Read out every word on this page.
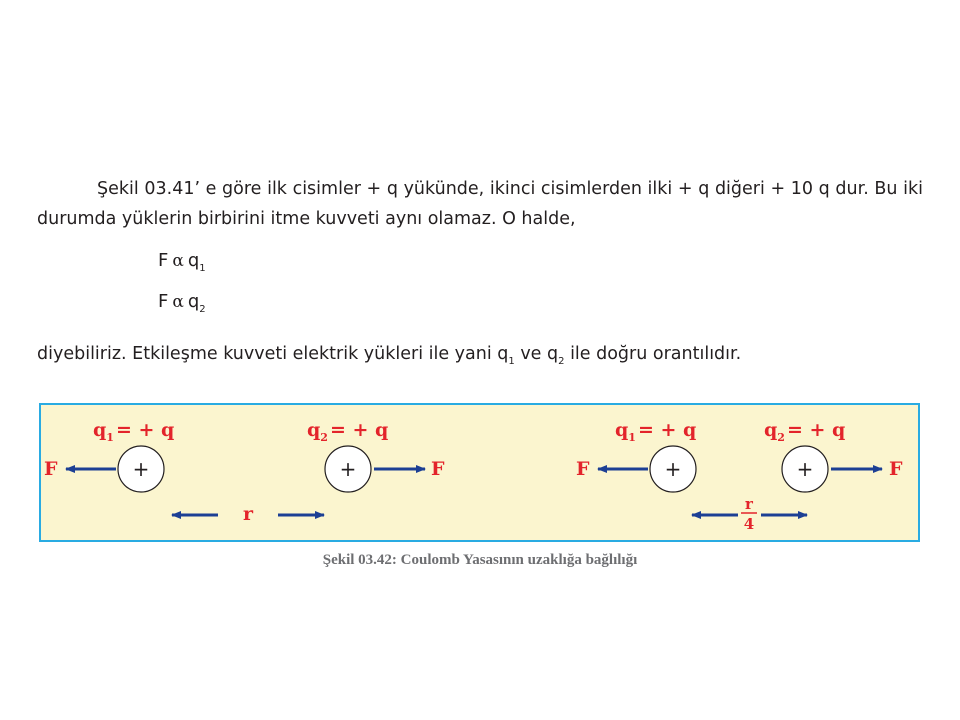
Şekil 03.41’ e göre ilk cisimler + q yükünde, ikinci cisimlerden ilki + q diğeri + 10 q dur. Bu iki durumda yüklerin birbirini itme kuvveti aynı olamaz. O halde,

F α $q_1$

F α $q_2$

diyebiliriz. Etkileşme kuvveti elektrik yükleri ile yani $q_1$ ve $q_2$ ile doğru orantılıdır.

$q_1$ = + q	$q_2$ = + q
F	+	+	F
r
$q_1$ = + q	$q_2$ = + q
F	+	+	F
r
4

Şekil 03.42: Coulomb Yasasının uzaklığa bağlılığı
